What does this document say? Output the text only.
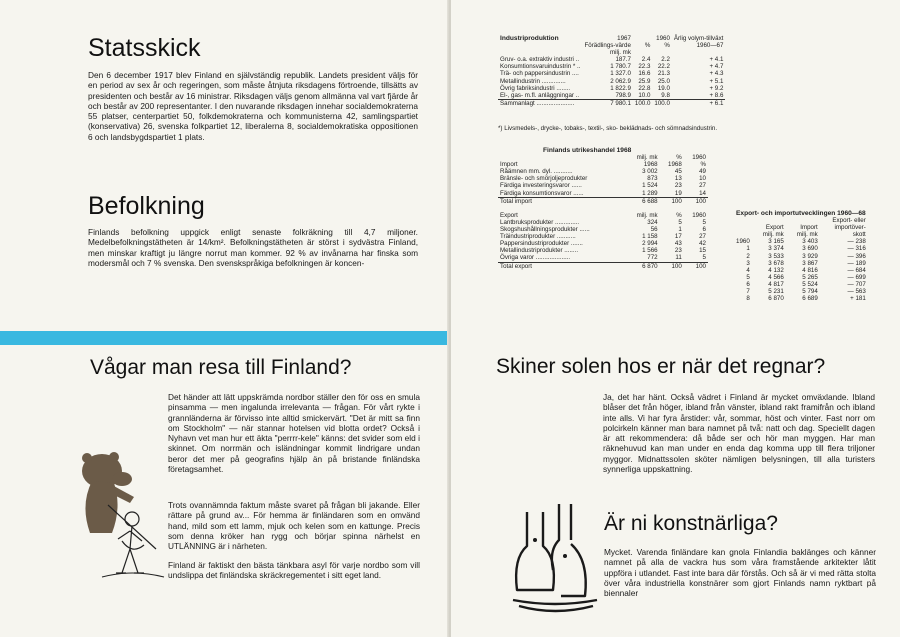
Statsskick

Den 6 december 1917 blev Finland en självständig republik. Landets president väljs för en period av sex år och regeringen, som måste åtnjuta riksdagens förtroende, tillsätts av presidenten och består av 16 ministrar. Riksdagen väljs genom allmänna val vart fjärde år och består av 200 representanter. I den nuvarande riksdagen innehar socialdemokraterna 55 platser, centerpartiet 50, folkdemokraterna och kommunisterna 42, samlingspartiet (konservativa) 26, svenska folkpartiet 12, liberalerna 8, socialdemokratiska oppositionen 6 och landsbygdspartiet 1 plats.

Befolkning

Finlands befolkning uppgick enligt senaste folkräkning till 4,7 miljoner. Medelbefolkningstätheten är 14/km². Befolkningstätheten är störst i sydvästra Finland, men minskar kraftigt ju längre norrut man kommer. 92 % av invånarna har finska som modersmål och 7 % svenska. Den svenskspråkiga befolkningen är koncen-

Vågar man resa till Finland?

Det händer att lätt uppskrämda nordbor ställer den för oss en smula pinsamma — men ingalunda irrelevanta — frågan. För vårt rykte i grannländerna är förvisso inte alltid smickervärt. "Det är mitt sa finn om Stockholm" — när stannar hotelsen vid blotta ordet? Också i Nyhavn vet man hur ett äkta "perrrr-kele" känns: det svider som eld i skinnet. Om norrmän och isländningar kommit lindrigare undan beror det mer på geografins hjälp än på bristande finländska företagsamhet.

Trots ovannämnda faktum måste svaret på frågan bli jakande. Eller rättare på grund av... För hemma är finländaren som en omvänd hand, mild som ett lamm, mjuk och kelen som en kattunge. Precis som denna kröker han rygg och börjar spinna närhelst en UTLÄNNING är i närheten.

Finland är faktiskt den bästa tänkbara asyl för varje nordbo som vill undslippa det finländska skräckregementet i sitt eget land.

Industriproduktion	1967		1960	Årlig volym-tillväxt
	Förädlings-värde	%	%	1960—67
	milj. mk			
Gruv- o.a. extraktiv industri ..	187.7	2.4	2.2	+ 4.1
Konsumtionsvaruindustrin * ..	1 780.7	22.3	22.2	+ 4.7
Trä- och pappersindustrin ....	1 327.0	16.6	21.3	+ 4.3
Metallindustrin ..............	2 062.9	25.9	25.0	+ 5.1
Övrig fabriksindustri ........	1 822.9	22.8	19.0	+ 9.2
El-, gas- m.fl. anläggningar ..	798.9	10.0	9.8	+ 8.6
Sammanlagt ......................	7 980.1	100.0	100.0	+ 6.1
*) Livsmedels-, drycke-, tobaks-, textil-, sko- beklädnads- och sömnadsindustrin.
Finlands utrikeshandel 1968			
	milj. mk	%	1960
Import	1968	1968	%
Råämnen mm. dyl. ...........	3 002	45	49
Bränsle- och smörjoljeprodukter	873	13	10
Färdiga investeringsvaror ......	1 524	23	27
Färdiga konsumtionsvaror ......	1 289	19	14
Total import	6 688	100	100

Export	milj. mk	%	1960
Lantbruksprodukter ..............	324	5	5
Skogshushållningsprodukter ......	56	1	6
Träindustriprodukter ...........	1 158	17	27
Pappersindustriprodukter .......	2 994	43	42
Metallindustriprodukter ........	1 566	23	15
Övriga varor ....................	772	11	5
Total export	6 870	100	100
Export- och importutvecklingen 1960—68			
	Export milj. mk	Import milj. mk	Export- eller importöver-skott
1960	3 165	3 403	— 238
1	3 374	3 690	— 316
2	3 533	3 929	— 396
3	3 678	3 867	— 189
4	4 132	4 816	— 684
5	4 566	5 265	— 699
6	4 817	5 524	— 707
7	5 231	5 794	— 563
8	6 870	6 689	+ 181
Skiner solen hos er när det regnar?

Ja, det har hänt. Också vädret i Finland är mycket omväxlande. Ibland blåser det från höger, ibland från vänster, ibland rakt framifrån och ibland inte alls. Vi har fyra årstider: vår, sommar, höst och vinter. Fast norr om polcirkeln känner man bara namnet på två: natt och dag. Speciellt dagen är att rekommendera: då både ser och hör man myggen. Har man räknehuvud kan man under en enda dag komma upp till flera triljoner myggor. Midnattssolen sköter nämligen belysningen, till alla turisters synnerliga uppskattning.

Är ni konstnärliga?

Mycket. Varenda finländare kan gnola Finlandia baklänges och känner namnet på alla de vackra hus som våra framstående arkitekter låtit uppföra i utlandet. Fast inte bara där förstås. Och så är vi med rätta stolta över våra industriella konstnärer som gjort Finlands namn ryktbart på biennaler
